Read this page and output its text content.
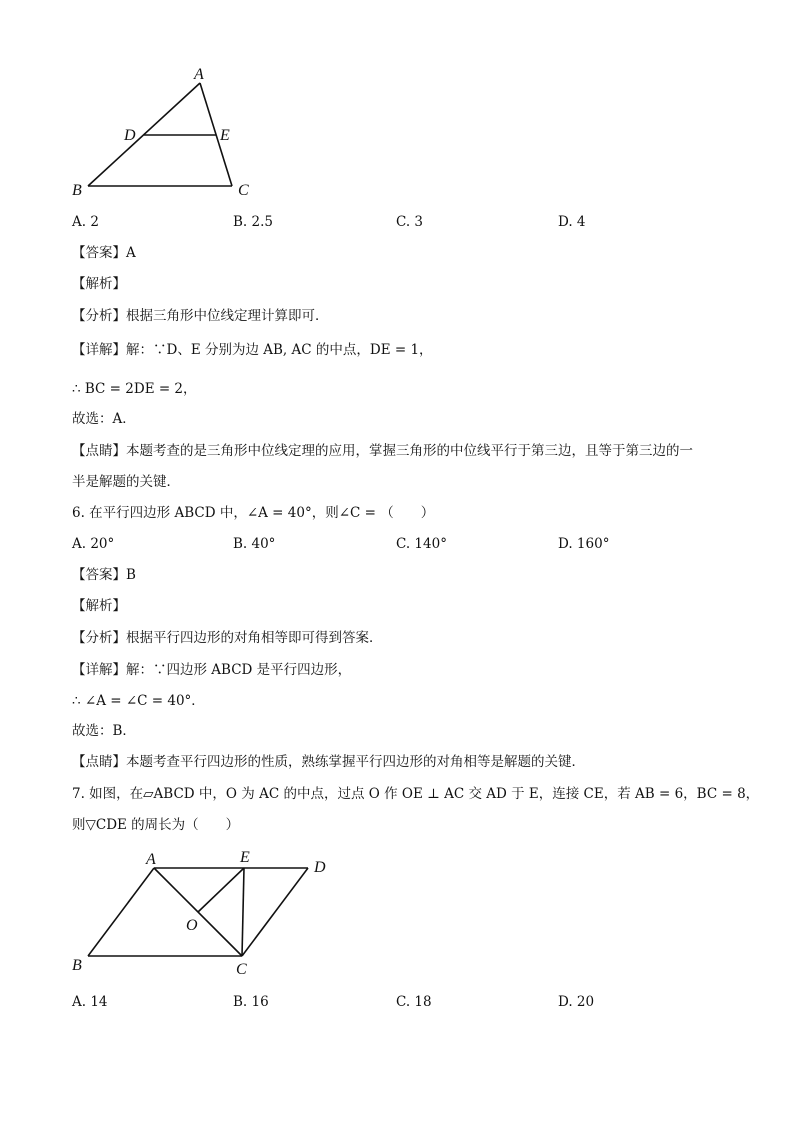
A
D	E
B	C
A. 2	B. 2.5	C. 3	D. 4
【答案】A
【解析】
【分析】根据三角形中位线定理计算即可．
【详解】解：∵D、E 分别为边 AB, AC 的中点，DE = 1，
∴ BC = 2DE = 2，
故选：A．
【点睛】本题考查的是三角形中位线定理的应用，掌握三角形的中位线平行于第三边，且等于第三边的一
半是解题的关键．
6. 在平行四边形 ABCD 中，∠A = 40°，则∠C = （　　）
A. 20°	B. 40°	C. 140°	D. 160°
【答案】B
【解析】
【分析】根据平行四边形的对角相等即可得到答案．
【详解】解：∵四边形 ABCD 是平行四边形，
∴ ∠A = ∠C = 40°．
故选：B．
【点睛】本题考查平行四边形的性质，熟练掌握平行四边形的对角相等是解题的关键．
7. 如图，在▱ABCD 中，O 为 AC 的中点，过点 O 作 OE ⊥ AC 交 AD 于 E，连接 CE，若 AB = 6，BC = 8，
则▽CDE 的周长为（　　）
A	E
D
O
B	C
A. 14	B. 16	C. 18	D. 20
